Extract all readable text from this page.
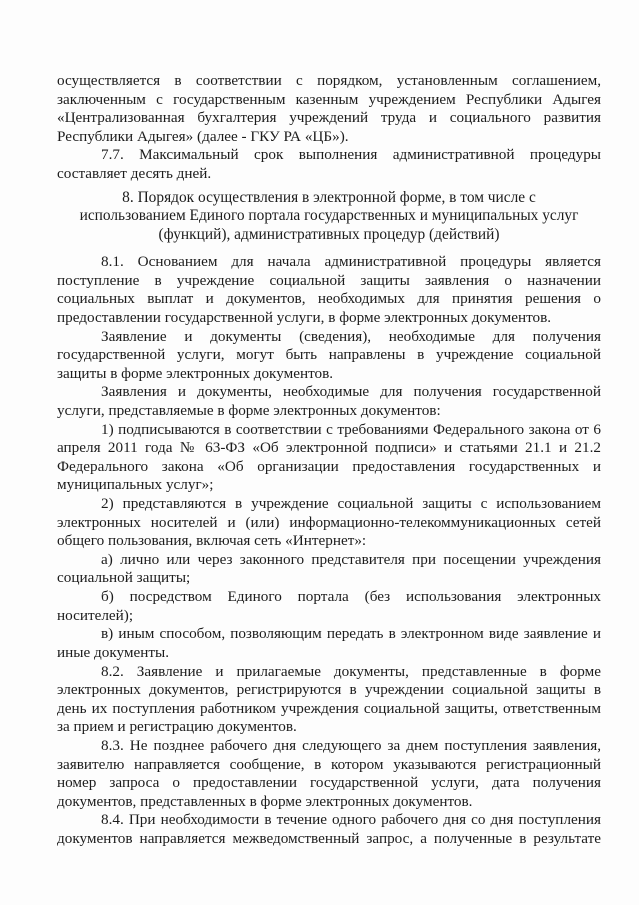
осуществляется в соответствии с порядком, установленным соглашением,
заключенным с государственным казенным учреждением Республики Адыгея
«Централизованная бухгалтерия учреждений труда и социального развития
Республики Адыгея» (далее - ГКУ РА «ЦБ»).
7.7. Максимальный срок выполнения административной процедуры
составляет десять дней.
8. Порядок осуществления в электронной форме, в том числе с
использованием Единого портала государственных и муниципальных услуг
(функций), административных процедур (действий)
8.1. Основанием для начала административной процедуры является
поступление в учреждение социальной защиты заявления о назначении
социальных выплат и документов, необходимых для принятия решения о
предоставлении государственной услуги, в форме электронных документов.
Заявление и документы (сведения), необходимые для получения
государственной услуги, могут быть направлены в учреждение социальной
защиты в форме электронных документов.
Заявления и документы, необходимые для получения государственной
услуги, представляемые в форме электронных документов:
1) подписываются в соответствии с требованиями Федерального закона от 6
апреля 2011 года № 63-ФЗ «Об электронной подписи» и статьями 21.1 и 21.2
Федерального закона «Об организации предоставления государственных и
муниципальных услуг»;
2) представляются в учреждение социальной защиты с использованием
электронных носителей и (или) информационно-телекоммуникационных сетей
общего пользования, включая сеть «Интернет»:
а) лично или через законного представителя при посещении учреждения
социальной защиты;
б) посредством Единого портала (без использования электронных
носителей);
в) иным способом, позволяющим передать в электронном виде заявление и
иные документы.
8.2. Заявление и прилагаемые документы, представленные в форме
электронных документов, регистрируются в учреждении социальной защиты в
день их поступления работником учреждения социальной защиты, ответственным
за прием и регистрацию документов.
8.3. Не позднее рабочего дня следующего за днем поступления заявления,
заявителю направляется сообщение, в котором указываются регистрационный
номер запроса о предоставлении государственной услуги, дата получения
документов, представленных в форме электронных документов.
8.4. При необходимости в течение одного рабочего дня со дня поступления
документов направляется межведомственный запрос, а полученные в результате
